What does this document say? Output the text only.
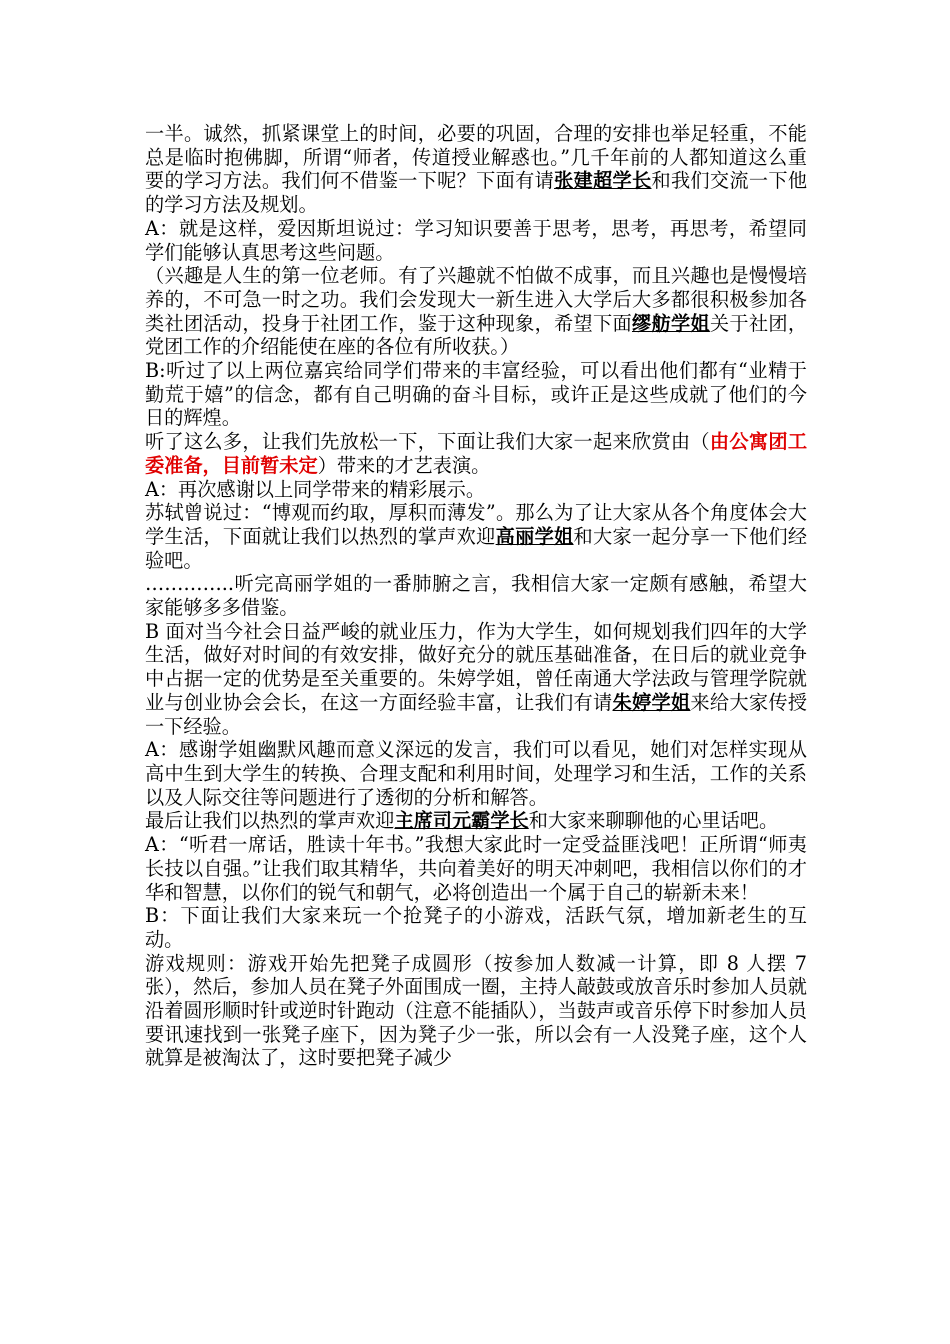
一半。诚然，抓紧课堂上的时间，必要的巩固，合理的安排也举足轻重，不能总是临时抱佛脚，所谓“师者，传道授业解惑也。”几千年前的人都知道这么重要的学习方法。我们何不借鉴一下呢？下面有请张建超学长和我们交流一下他的学习方法及规划。

A：就是这样，爱因斯坦说过：学习知识要善于思考，思考，再思考，希望同学们能够认真思考这些问题。

（兴趣是人生的第一位老师。有了兴趣就不怕做不成事，而且兴趣也是慢慢培养的，不可急一时之功。我们会发现大一新生进入大学后大多都很积极参加各类社团活动，投身于社团工作，鉴于这种现象，希望下面缪舫学姐关于社团，党团工作的介绍能使在座的各位有所收获。）

B:听过了以上两位嘉宾给同学们带来的丰富经验，可以看出他们都有“业精于勤荒于嬉”的信念，都有自己明确的奋斗目标，或许正是这些成就了他们的今日的辉煌。

听了这么多，让我们先放松一下，下面让我们大家一起来欣赏由（由公寓团工委准备，目前暂未定）带来的才艺表演。

A：再次感谢以上同学带来的精彩展示。

苏轼曾说过：“博观而约取，厚积而薄发”。那么为了让大家从各个角度体会大学生活，下面就让我们以热烈的掌声欢迎高丽学姐和大家一起分享一下他们经验吧。

…………..听完高丽学姐的一番肺腑之言，我相信大家一定颇有感触，希望大家能够多多借鉴。

B 面对当今社会日益严峻的就业压力，作为大学生，如何规划我们四年的大学生活，做好对时间的有效安排，做好充分的就压基础准备，在日后的就业竞争中占据一定的优势是至关重要的。朱婷学姐，曾任南通大学法政与管理学院就业与创业协会会长，在这一方面经验丰富，让我们有请朱婷学姐来给大家传授一下经验。

A：感谢学姐幽默风趣而意义深远的发言，我们可以看见，她们对怎样实现从高中生到大学生的转换、合理支配和利用时间，处理学习和生活，工作的关系以及人际交往等问题进行了透彻的分析和解答。

最后让我们以热烈的掌声欢迎主席司元霸学长和大家来聊聊他的心里话吧。

A：“听君一席话，胜读十年书。”我想大家此时一定受益匪浅吧！正所谓“师夷长技以自强。”让我们取其精华，共向着美好的明天冲刺吧，我相信以你们的才华和智慧，以你们的锐气和朝气，必将创造出一个属于自己的崭新未来！

B：下面让我们大家来玩一个抢凳子的小游戏，活跃气氛，增加新老生的互动。

游戏规则：游戏开始先把凳子成圆形（按参加人数减一计算，即 8 人摆 7 张），然后，参加人员在凳子外面围成一圈，主持人敲鼓或放音乐时参加人员就沿着圆形顺时针或逆时针跑动（注意不能插队），当鼓声或音乐停下时参加人员要讯速找到一张凳子座下，因为凳子少一张，所以会有一人没凳子座，这个人就算是被淘汰了，这时要把凳子减少
